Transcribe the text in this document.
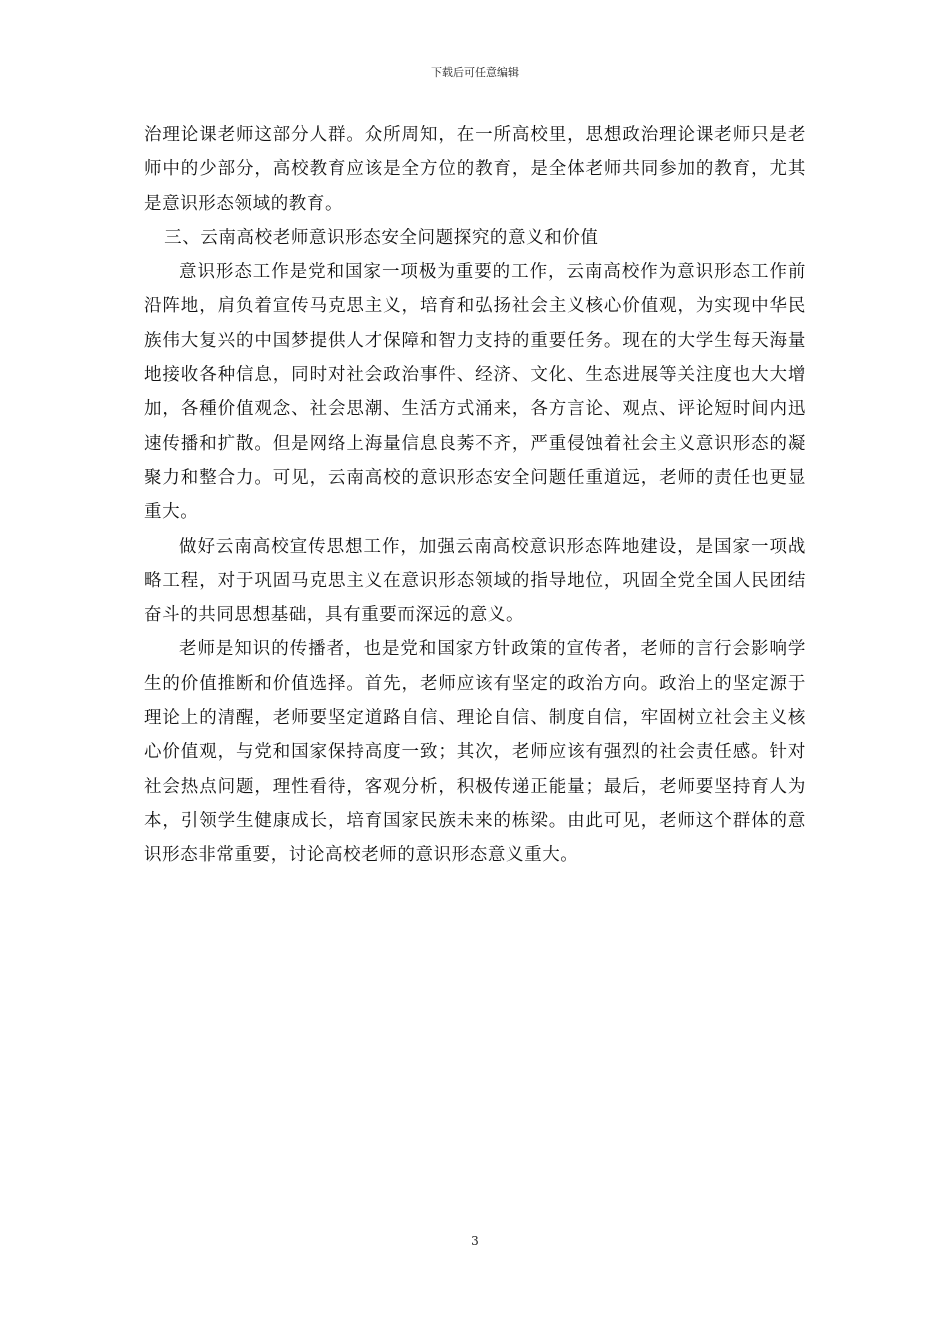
下载后可任意编辑

治理论课老师这部分人群。众所周知，在一所高校里，思想政治理论课老师只是老师中的少部分，高校教育应该是全方位的教育，是全体老师共同参加的教育，尤其是意识形态领域的教育。

三、云南高校老师意识形态安全问题探究的意义和价值

意识形态工作是党和国家一项极为重要的工作，云南高校作为意识形态工作前沿阵地，肩负着宣传马克思主义，培育和弘扬社会主义核心价值观，为实现中华民族伟大复兴的中国梦提供人才保障和智力支持的重要任务。现在的大学生每天海量地接收各种信息，同时对社会政治事件、经济、文化、生态进展等关注度也大大增加，各種价值观念、社会思潮、生活方式涌来，各方言论、观点、评论短时间内迅速传播和扩散。但是网络上海量信息良莠不齐，严重侵蚀着社会主义意识形态的凝聚力和整合力。可见，云南高校的意识形态安全问题任重道远，老师的责任也更显重大。

做好云南高校宣传思想工作，加强云南高校意识形态阵地建设，是国家一项战略工程，对于巩固马克思主义在意识形态领域的指导地位，巩固全党全国人民团结奋斗的共同思想基础，具有重要而深远的意义。

老师是知识的传播者，也是党和国家方针政策的宣传者，老师的言行会影响学生的价值推断和价值选择。首先，老师应该有坚定的政治方向。政治上的坚定源于理论上的清醒，老师要坚定道路自信、理论自信、制度自信，牢固树立社会主义核心价值观，与党和国家保持高度一致；其次，老师应该有强烈的社会责任感。针对社会热点问题，理性看待，客观分析，积极传递正能量；最后，老师要坚持育人为本，引领学生健康成长，培育国家民族未来的栋梁。由此可见，老师这个群体的意识形态非常重要，讨论高校老师的意识形态意义重大。

3
